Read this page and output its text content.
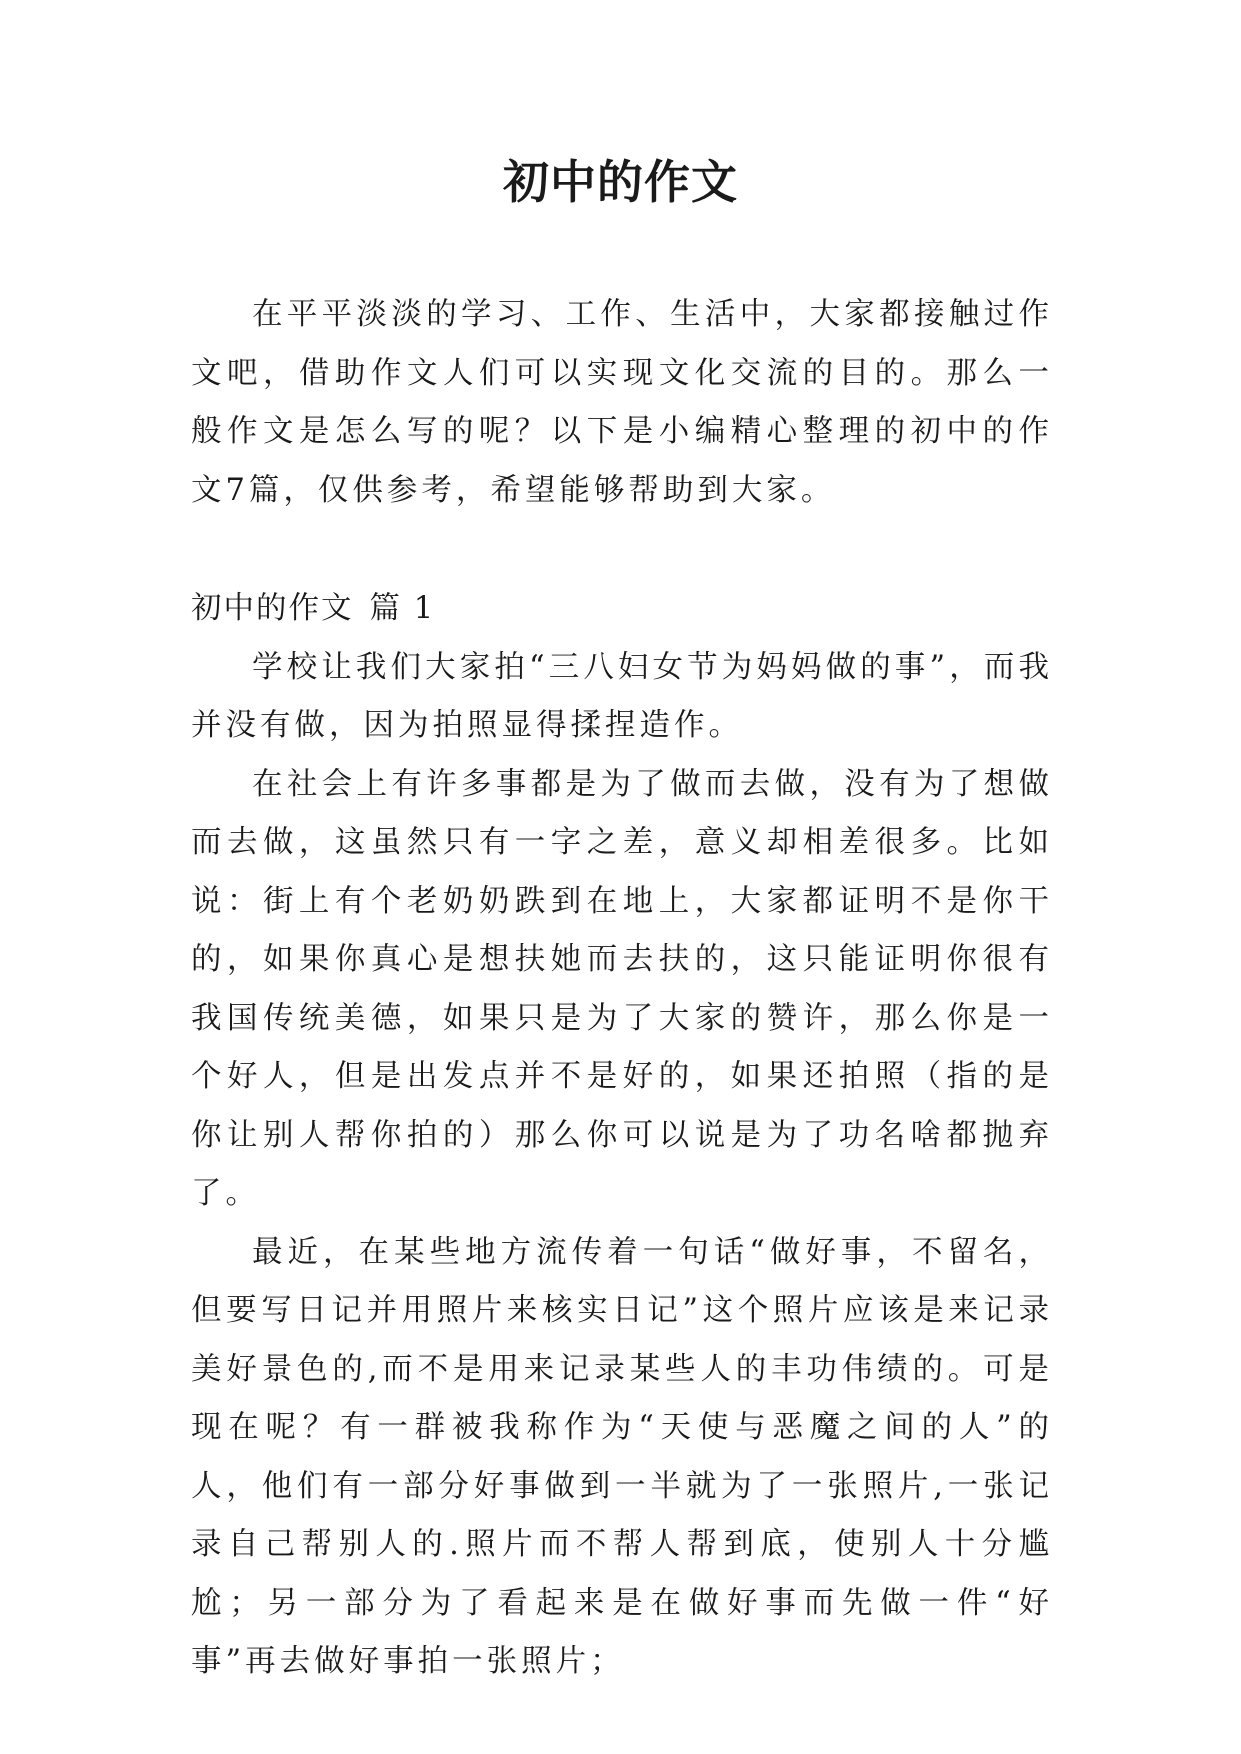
初中的作文

在平平淡淡的学习、工作、生活中，大家都接触过作文吧，借助作文人们可以实现文化交流的目的。那么一般作文是怎么写的呢？以下是小编精心整理的初中的作文7篇，仅供参考，希望能够帮助到大家。

初中的作文 篇 1

学校让我们大家拍“三八妇女节为妈妈做的事”，而我并没有做，因为拍照显得揉捏造作。

在社会上有许多事都是为了做而去做，没有为了想做而去做，这虽然只有一字之差，意义却相差很多。比如说：街上有个老奶奶跌到在地上，大家都证明不是你干的，如果你真心是想扶她而去扶的，这只能证明你很有我国传统美德，如果只是为了大家的赞许，那么你是一个好人，但是出发点并不是好的，如果还拍照（指的是你让别人帮你拍的）那么你可以说是为了功名啥都抛弃了。

最近，在某些地方流传着一句话“做好事，不留名，但要写日记并用照片来核实日记”这个照片应该是来记录美好景色的,而不是用来记录某些人的丰功伟绩的。可是现在呢？有一群被我称作为“天使与恶魔之间的人”的人，他们有一部分好事做到一半就为了一张照片,一张记录自己帮别人的.照片而不帮人帮到底，使别人十分尴尬；另一部分为了看起来是在做好事而先做一件“好事”再去做好事拍一张照片；
